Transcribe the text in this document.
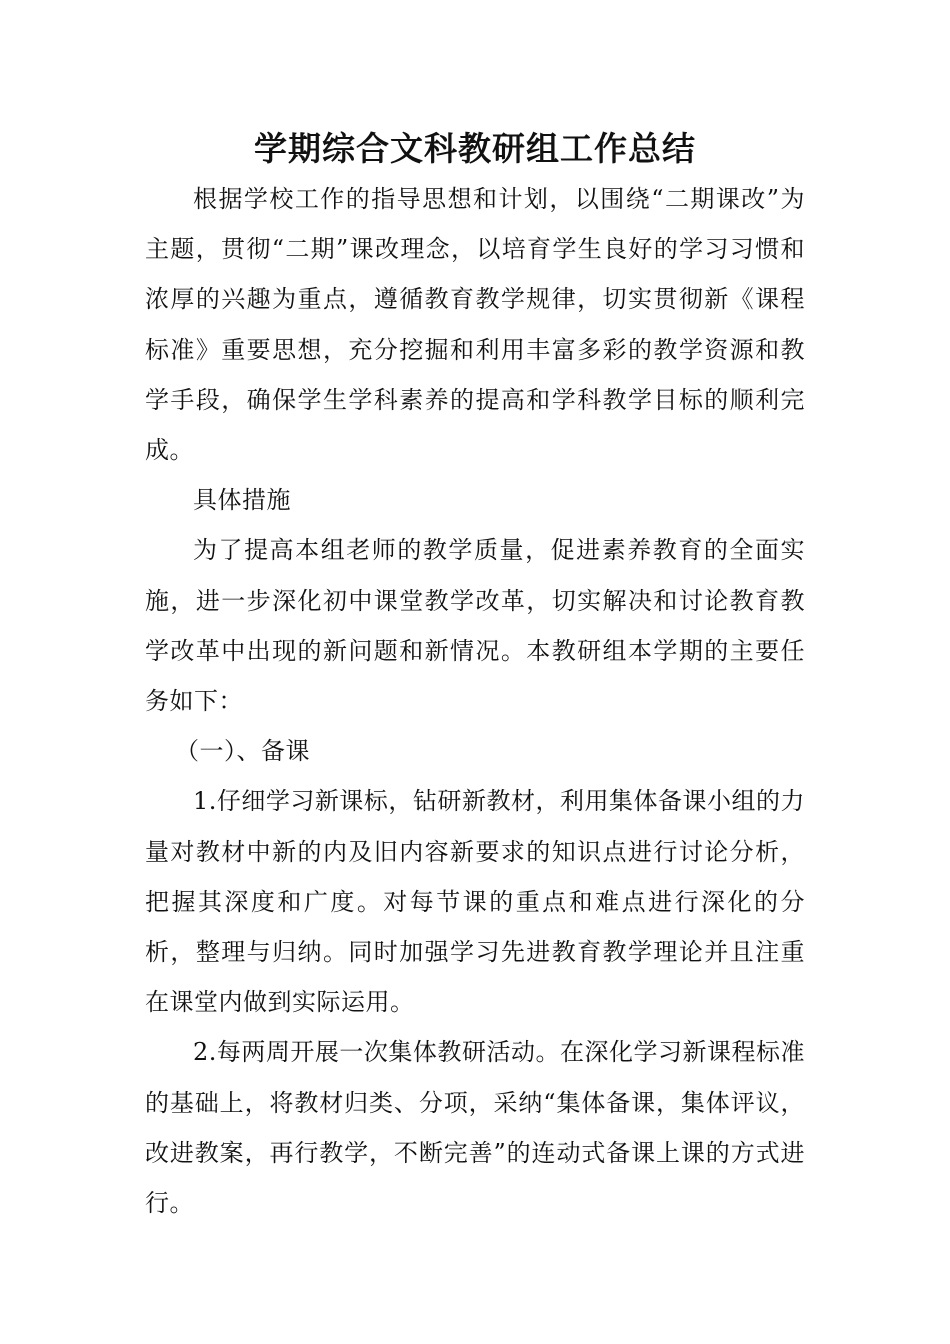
学期综合文科教研组工作总结

根据学校工作的指导思想和计划，以围绕“二期课改”为主题，贯彻“二期”课改理念，以培育学生良好的学习习惯和浓厚的兴趣为重点，遵循教育教学规律，切实贯彻新《课程标准》重要思想，充分挖掘和利用丰富多彩的教学资源和教学手段，确保学生学科素养的提高和学科教学目标的顺利完成。

具体措施

为了提高本组老师的教学质量，促进素养教育的全面实施，进一步深化初中课堂教学改革，切实解决和讨论教育教学改革中出现的新问题和新情况。本教研组本学期的主要任务如下：

（一）、备课

1.仔细学习新课标，钻研新教材，利用集体备课小组的力量对教材中新的内及旧内容新要求的知识点进行讨论分析，把握其深度和广度。对每节课的重点和难点进行深化的分析，整理与归纳。同时加强学习先进教育教学理论并且注重在课堂内做到实际运用。

2.每两周开展一次集体教研活动。在深化学习新课程标准的基础上，将教材归类、分项，采纳“集体备课，集体评议，改进教案，再行教学，不断完善”的连动式备课上课的方式进行。
